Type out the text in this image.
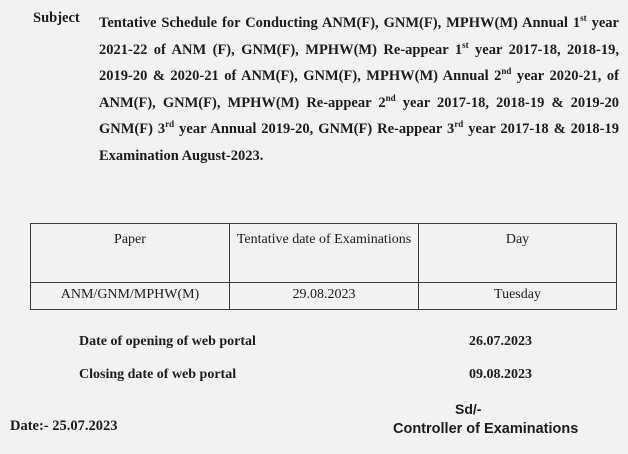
Subject Tentative Schedule for Conducting ANM(F), GNM(F), MPHW(M) Annual 1st year 2021-22 of ANM (F), GNM(F), MPHW(M) Re-appear 1st year 2017-18, 2018-19, 2019-20 & 2020-21 of ANM(F), GNM(F), MPHW(M) Annual 2nd year 2020-21, of ANM(F), GNM(F), MPHW(M) Re-appear 2nd year 2017-18, 2018-19 & 2019-20 GNM(F) 3rd year Annual 2019-20, GNM(F) Re-appear 3rd year 2017-18 & 2018-19 Examination August-2023.
Paper	Tentative date of Examinations	Day
ANM/GNM/MPHW(M)	29.08.2023	Tuesday
Date of opening of web portal	26.07.2023
Closing date of web portal	09.08.2023
Sd/-
Controller of Examinations
Date:- 25.07.2023
